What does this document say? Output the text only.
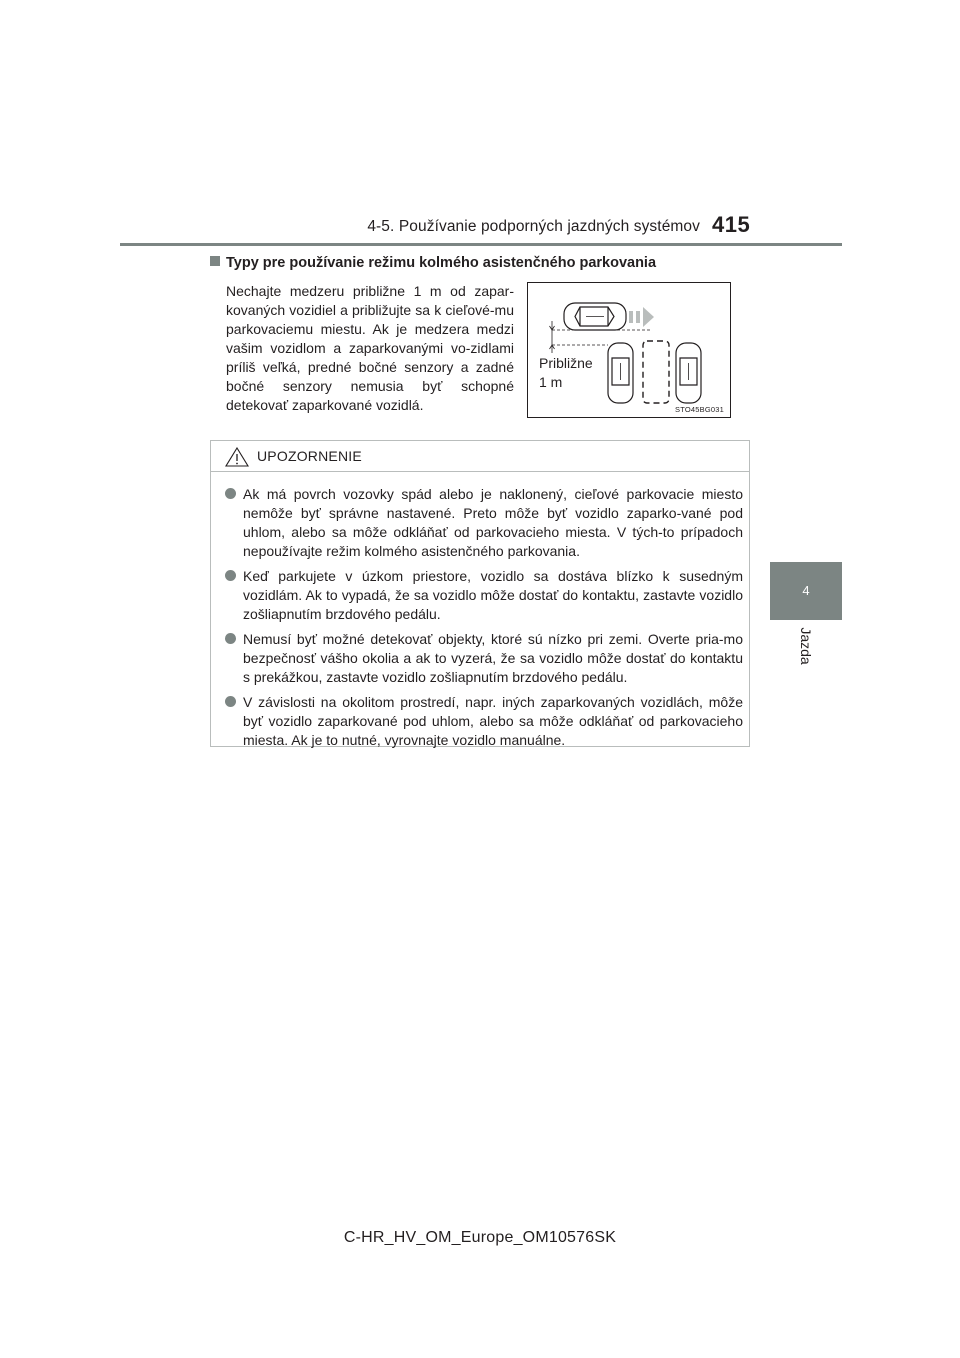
4-5. Používanie podporných jazdných systémov 415
4
Jazda
Typy pre používanie režimu kolmého asistenčného parkovania
Nechajte medzeru približne 1 m od zapar-kovaných vozidiel a približujte sa k cieľové-mu parkovaciemu miestu. Ak je medzera medzi vašim vozidlom a zaparkovanými vo-zidlami príliš veľká, predné bočné senzory a zadné bočné senzory nemusia byť schopné detekovať zaparkované vozidlá.
Približne
1 m
STO45BG031
UPOZORNENIE
Ak má povrch vozovky spád alebo je naklonený, cieľové parkovacie miesto nemôže byť správne nastavené. Preto môže byť vozidlo zaparko-vané pod uhlom, alebo sa môže odkláňať od parkovacieho miesta. V tých-to prípadoch nepoužívajte režim kolmého asistenčného parkovania.
Keď parkujete v úzkom priestore, vozidlo sa dostáva blízko k susedným vozidlám. Ak to vypadá, že sa vozidlo môže dostať do kontaktu, zastavte vozidlo zošliapnutím brzdového pedálu.
Nemusí byť možné detekovať objekty, ktoré sú nízko pri zemi. Overte pria-mo bezpečnosť vášho okolia a ak to vyzerá, že sa vozidlo môže dostať do kontaktu s prekážkou, zastavte vozidlo zošliapnutím brzdového pedálu.
V závislosti na okolitom prostredí, napr. iných zaparkovaných vozidlách, môže byť vozidlo zaparkované pod uhlom, alebo sa môže odkláňať od parkovacieho miesta. Ak je to nutné, vyrovnajte vozidlo manuálne.
C-HR_HV_OM_Europe_OM10576SK
